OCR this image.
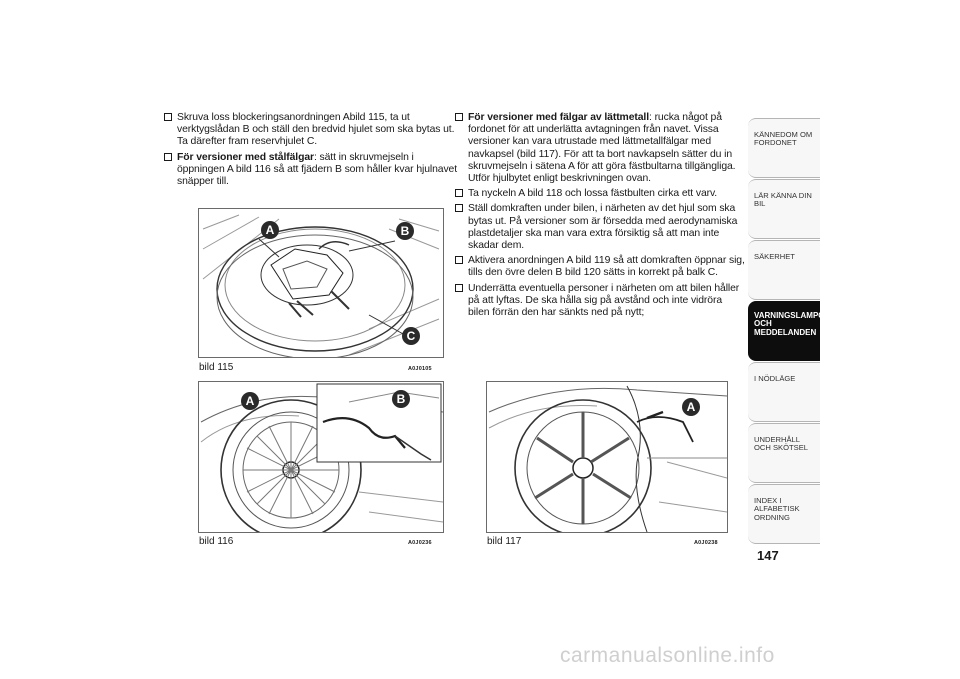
Skruva loss blockeringsanordningen Abild 115, ta ut verktygslådan B och ställ den bredvid hjulet som ska bytas ut. Ta därefter fram reservhjulet C.
För versioner med stålfälgar: sätt in skruvmejseln i öppningen A bild 116 så att fjädern B som håller kvar hjulnavet snäpper till.
För versioner med fälgar av lättmetall: rucka något på fordonet för att underlätta avtagningen från navet. Vissa versioner kan vara utrustade med lättmetallfälgar med navkapsel (bild 117). För att ta bort navkapseln sätter du in skruvmejseln i sätena A för att göra fästbultarna tillgängliga. Utför hjulbytet enligt beskrivningen ovan.
Ta nyckeln A bild 118 och lossa fästbulten cirka ett varv.
Ställ domkraften under bilen, i närheten av det hjul som ska bytas ut. På versioner som är försedda med aerodynamiska plastdetaljer ska man vara extra försiktig så att man inte skadar dem.
Aktivera anordningen A bild 119 så att domkraften öppnar sig, tills den övre delen B bild 120 sätts in korrekt på balk C.
Underrätta eventuella personer i närheten om att bilen håller på att lyftas. De ska hålla sig på avstånd och inte vidröra bilen förrän den har sänkts ned på nytt;
A	B
C
bild 115	A0J0105
A	B
bild 116	A0J0236
A
bild 117	A0J0238
KÄNNEDOM OM FORDONET
LÄR KÄNNA DIN BIL
SÄKERHET
VARNINGSLAMPOR OCH MEDDELANDEN
I NÖDLÄGE
UNDERHÅLL OCH SKÖTSEL
INDEX I ALFABETISK ORDNING
147
carmanualsonline.info
